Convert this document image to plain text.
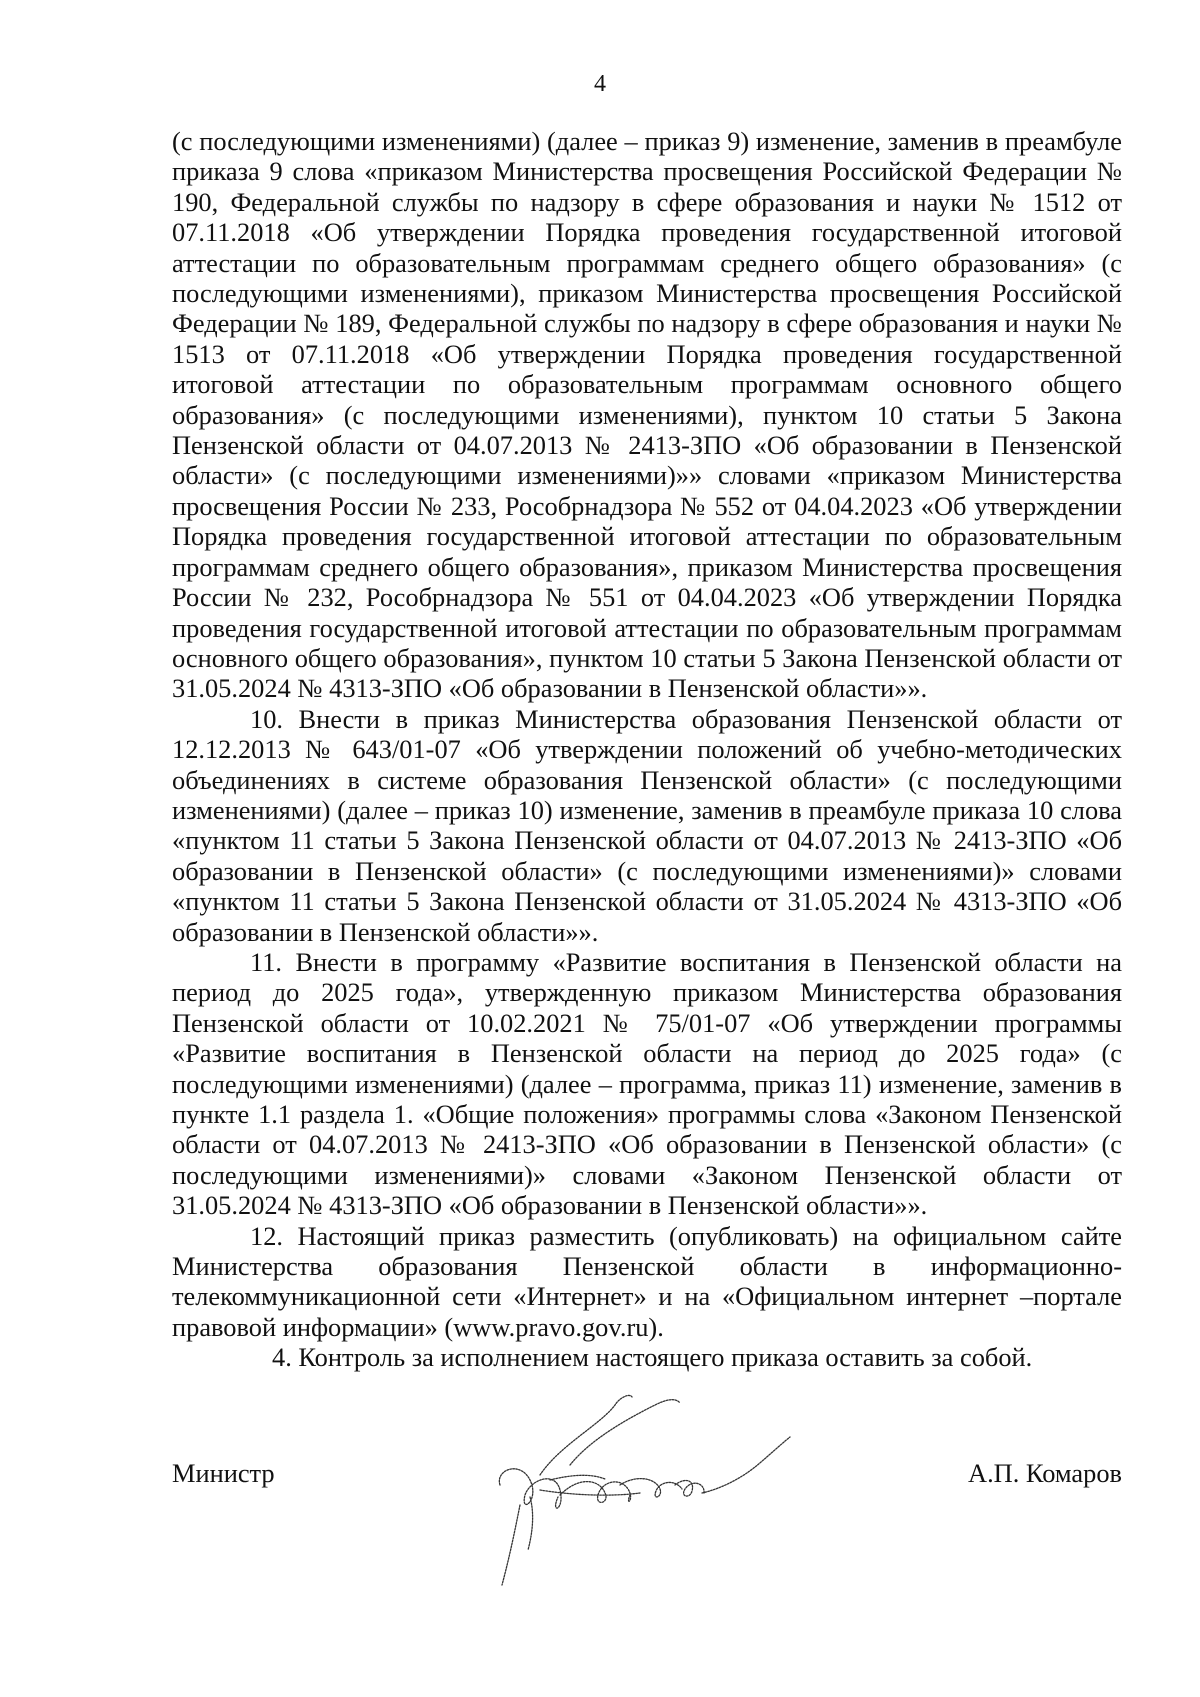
4

(с последующими изменениями) (далее – приказ 9) изменение, заменив в преамбуле приказа 9 слова «приказом Министерства просвещения Российской Федерации № 190, Федеральной службы по надзору в сфере образования и науки № 1512 от 07.11.2018 «Об утверждении Порядка проведения государственной итоговой аттестации по образовательным программам среднего общего образования» (с последующими изменениями), приказом Министерства просвещения Российской Федерации № 189, Федеральной службы по надзору в сфере образования и науки № 1513 от 07.11.2018 «Об утверждении Порядка проведения государственной итоговой аттестации по образовательным программам основного общего образования» (с последующими изменениями), пунктом 10 статьи 5 Закона Пензенской области от 04.07.2013 № 2413-ЗПО «Об образовании в Пензенской области» (с последующими изменениями)»» словами «приказом Министерства просвещения России № 233, Рособрнадзора № 552 от 04.04.2023 «Об утверждении Порядка проведения государственной итоговой аттестации по образовательным программам среднего общего образования», приказом Министерства просвещения России № 232, Рособрнадзора № 551 от 04.04.2023 «Об утверждении Порядка проведения государственной итоговой аттестации по образовательным программам основного общего образования», пунктом 10 статьи 5 Закона Пензенской области от 31.05.2024 № 4313-ЗПО «Об образовании в Пензенской области»».

10. Внести в приказ Министерства образования Пензенской области от 12.12.2013 № 643/01-07 «Об утверждении положений об учебно-методических объединениях в системе образования Пензенской области» (с последующими изменениями) (далее – приказ 10) изменение, заменив в преамбуле приказа 10 слова «пунктом 11 статьи 5 Закона Пензенской области от 04.07.2013 № 2413-ЗПО «Об образовании в Пензенской области» (с последующими изменениями)» словами «пунктом 11 статьи 5 Закона Пензенской области от 31.05.2024 № 4313-ЗПО «Об образовании в Пензенской области»».

11. Внести в программу «Развитие воспитания в Пензенской области на период до 2025 года», утвержденную приказом Министерства образования Пензенской области от 10.02.2021 № 75/01-07 «Об утверждении программы «Развитие воспитания в Пензенской области на период до 2025 года» (с последующими изменениями) (далее – программа, приказ 11) изменение, заменив в пункте 1.1 раздела 1. «Общие положения» программы слова «Законом Пензенской области от 04.07.2013 № 2413-ЗПО «Об образовании в Пензенской области» (с последующими изменениями)» словами «Законом Пензенской области от 31.05.2024 № 4313-ЗПО «Об образовании в Пензенской области»».

12. Настоящий приказ разместить (опубликовать) на официальном сайте Министерства образования Пензенской области в информационно-телекоммуникационной сети «Интернет» и на «Официальном интернет –портале правовой информации» (www.pravo.gov.ru).

4. Контроль за исполнением настоящего приказа оставить за собой.

Министр	А.П. Комаров
